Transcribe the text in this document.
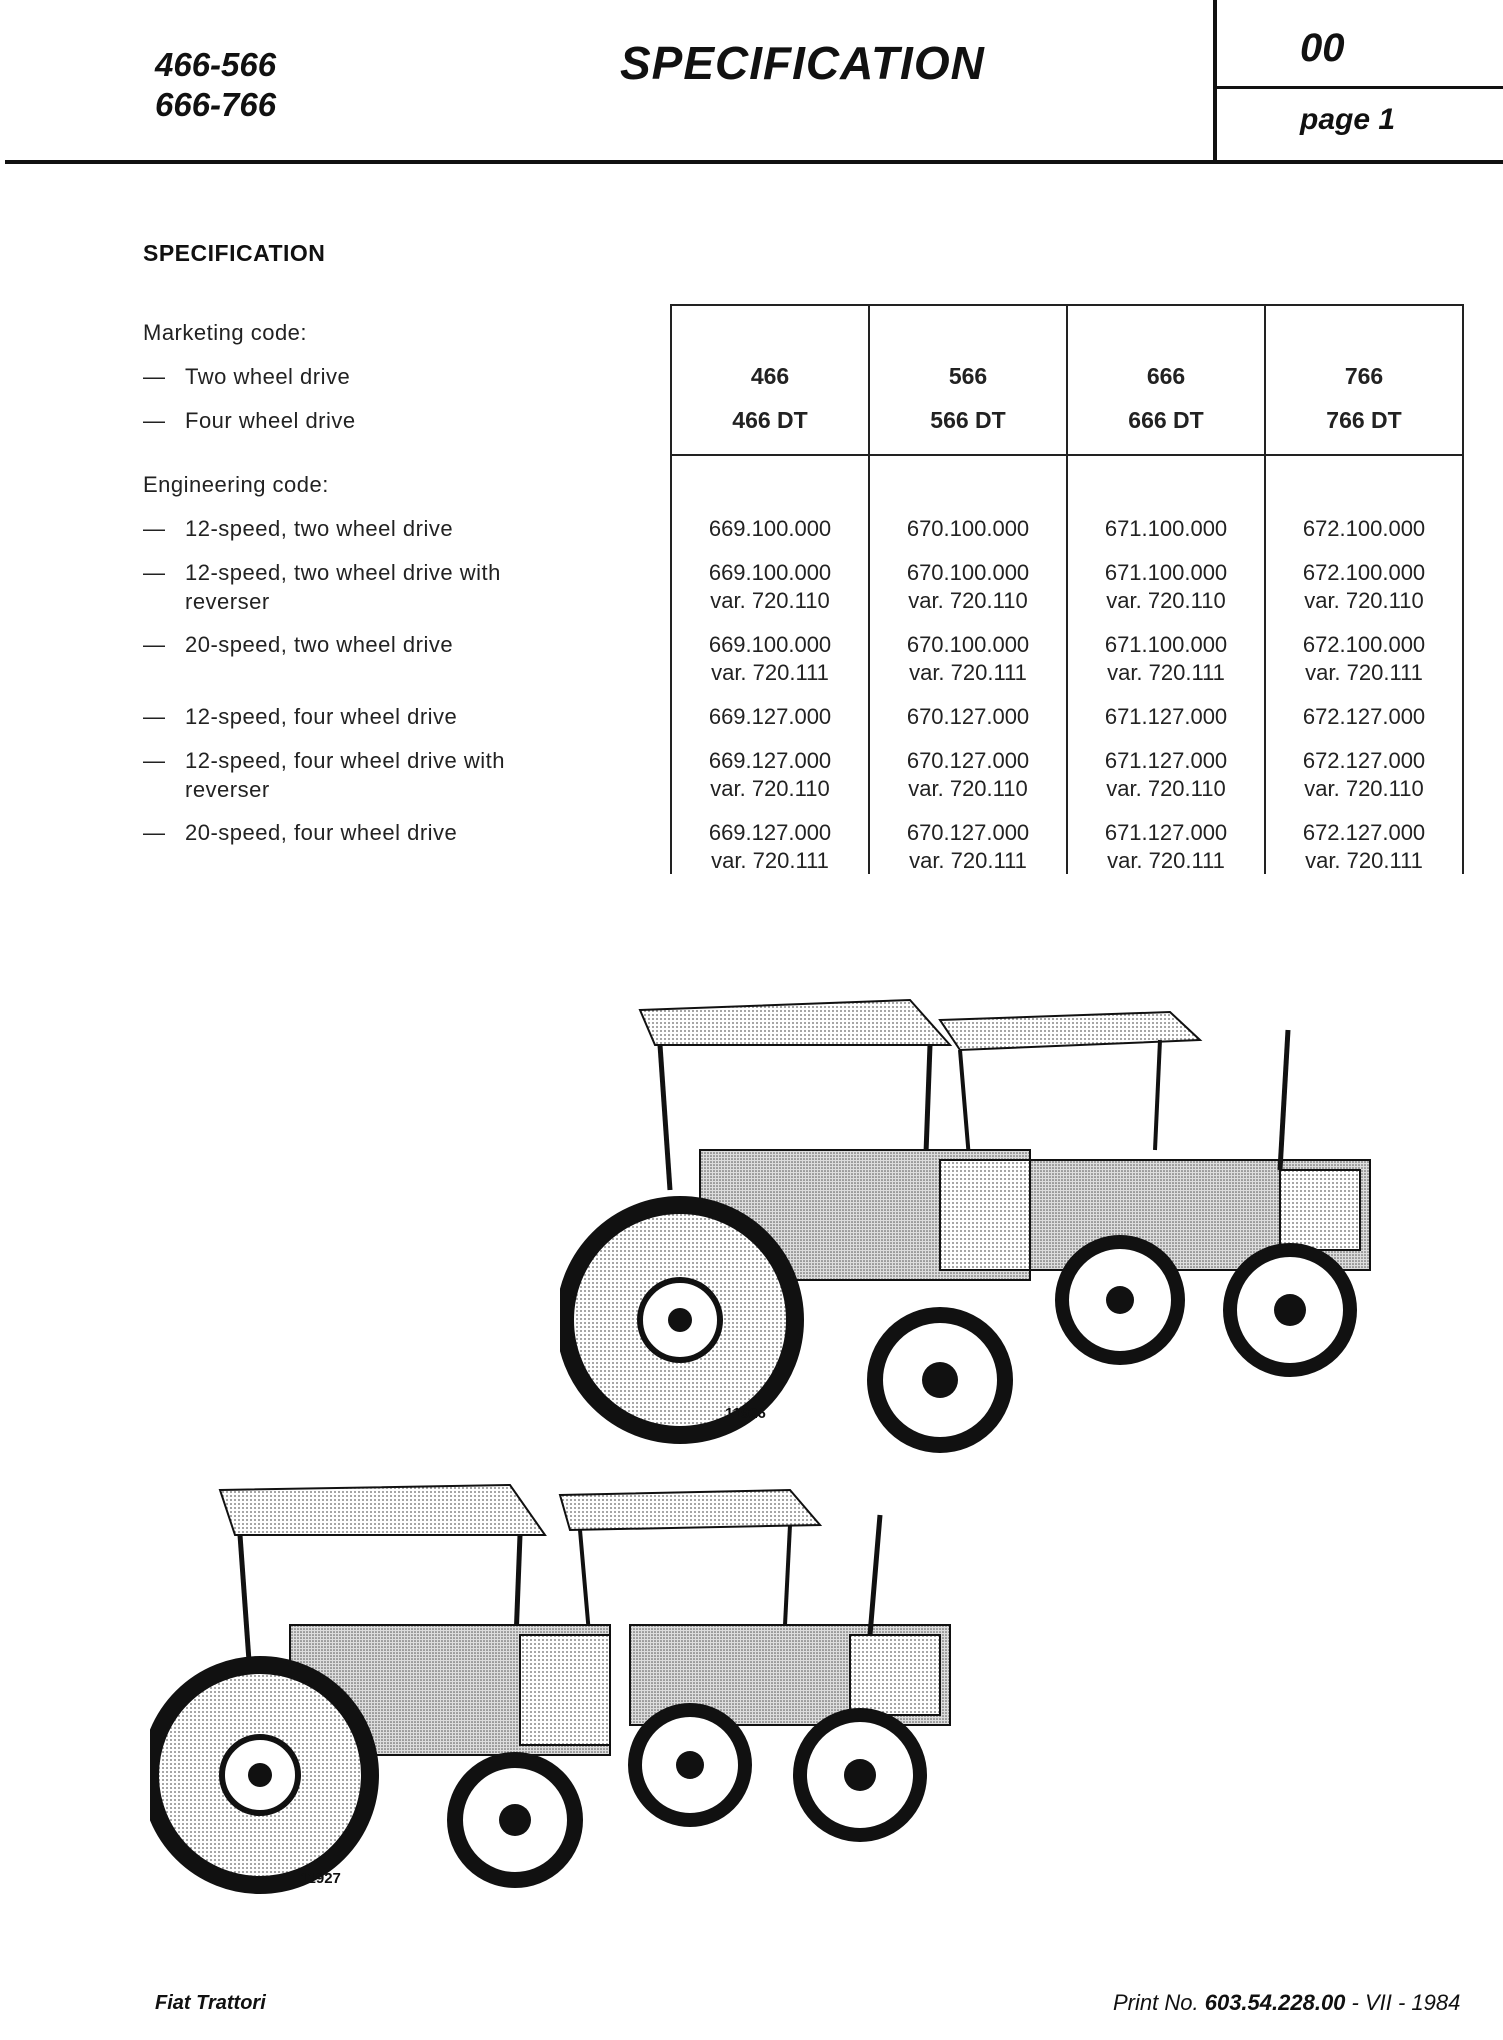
466-566
666-766
SPECIFICATION	00
page 1
SPECIFICATION
Marketing code:
— Two wheel drive
— Four wheel drive
Engineering code:
— 12-speed, two wheel drive
— 12-speed, two wheel drive with
reverser
— 20-speed, two wheel drive
— 12-speed, four wheel drive
— 12-speed, four wheel drive with
reverser
— 20-speed, four wheel drive
466
466 DT
669.100.000
669.100.000
var. 720.110
669.100.000
var. 720.111
669.127.000
669.127.000
var. 720.110
669.127.000
var. 720.111
566
566 DT
670.100.000
670.100.000
var. 720.110
670.100.000
var. 720.111
670.127.000
670.127.000
var. 720.110
670.127.000
var. 720.111
666
666 DT
671.100.000
671.100.000
var. 720.110
671.100.000
var. 720.111
671.127.000
671.127.000
var. 720.110
671.127.000
var. 720.111
766
766 DT
672.100.000
672.100.000
var. 720.110
672.100.000
var. 720.111
672.127.000
672.127.000
var. 720.110
672.127.000
var. 720.111
11926
11927
Fiat Trattori	Print No. 603.54.228.00 - VII - 1984
